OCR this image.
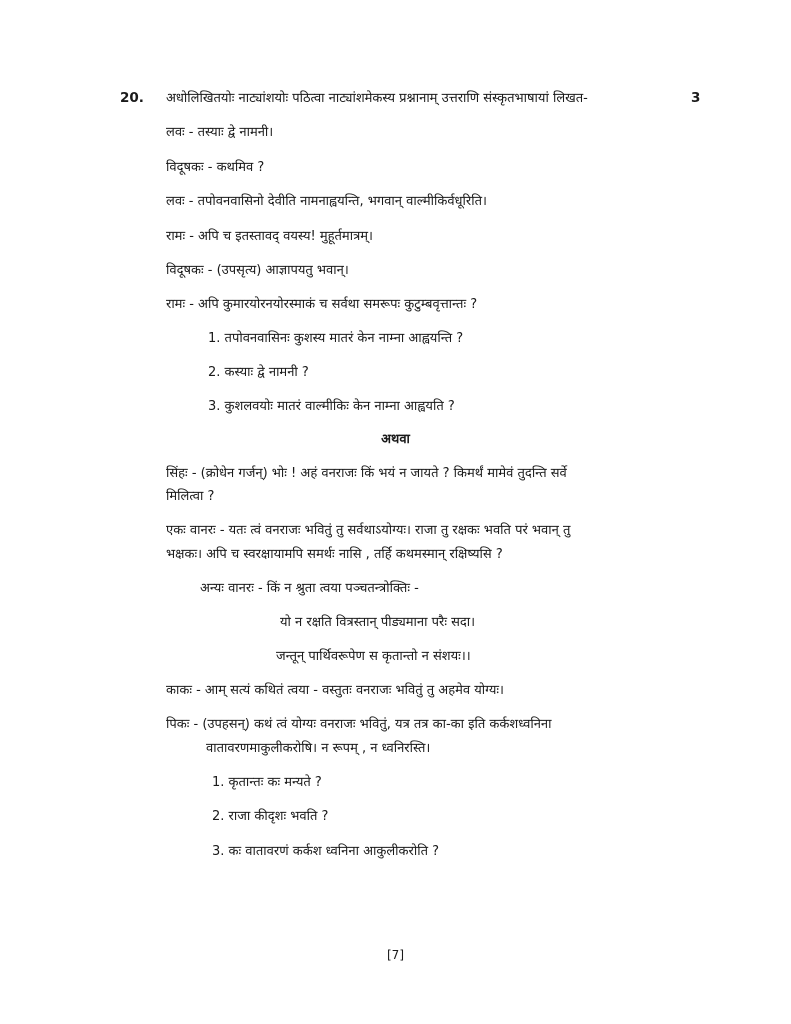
20. अधोलिखितयोः नाट्यांशयोः पठित्वा नाट्यांशमेकस्य प्रश्नानाम् उत्तराणि संस्कृतभाषायां लिखत-	3
लवः - तस्याः द्वे नामनी।
विदूषकः - कथमिव ?
लवः - तपोवनवासिनो देवीति नामनाह्वयन्ति, भगवान् वाल्मीकिर्वधूरिति।
रामः - अपि च इतस्तावद् वयस्य! मुहूर्तमात्रम्।
विदूषकः - (उपसृत्य) आज्ञापयतु भवान्।
रामः - अपि कुमारयोरनयोरस्माकं च सर्वथा समरूपः कुटुम्बवृत्तान्तः ?
1. तपोवनवासिनः कुशस्य मातरं केन नाम्ना आह्वयन्ति ?
2. कस्याः द्वे नामनी ?
3. कुशलवयोः मातरं वाल्मीकिः केन नाम्ना आह्वयति ?
अथवा
सिंहः - (क्रोधेन गर्जन्) भोः ! अहं वनराजः किं भयं न जायते ? किमर्थं मामेवं तुदन्ति सर्वे
मिलित्वा ?
एकः वानरः - यतः त्वं वनराजः भवितुं तु सर्वथाऽयोग्यः। राजा तु रक्षकः भवति परं भवान् तु
भक्षकः। अपि च स्वरक्षायामपि समर्थः नासि , तर्हि कथमस्मान् रक्षिष्यसि ?
अन्यः वानरः - किं न श्रुता त्वया पञ्चतन्त्रोक्तिः -
यो न रक्षति वित्रस्तान् पीड्यमाना परैः सदा।
जन्तून् पार्थिवरूपेण स कृतान्तो न संशयः।।
काकः - आम् सत्यं कथितं त्वया - वस्तुतः वनराजः भवितुं तु अहमेव योग्यः।
पिकः - (उपहसन्) कथं त्वं योग्यः वनराजः भवितुं, यत्र तत्र का-का इति कर्कशध्वनिना
वातावरणमाकुलीकरोषि। न रूपम् , न ध्वनिरस्ति।
1. कृतान्तः कः मन्यते ?
2. राजा कीदृशः भवति ?
3. कः वातावरणं कर्कश ध्वनिना आकुलीकरोति ?
[7]
